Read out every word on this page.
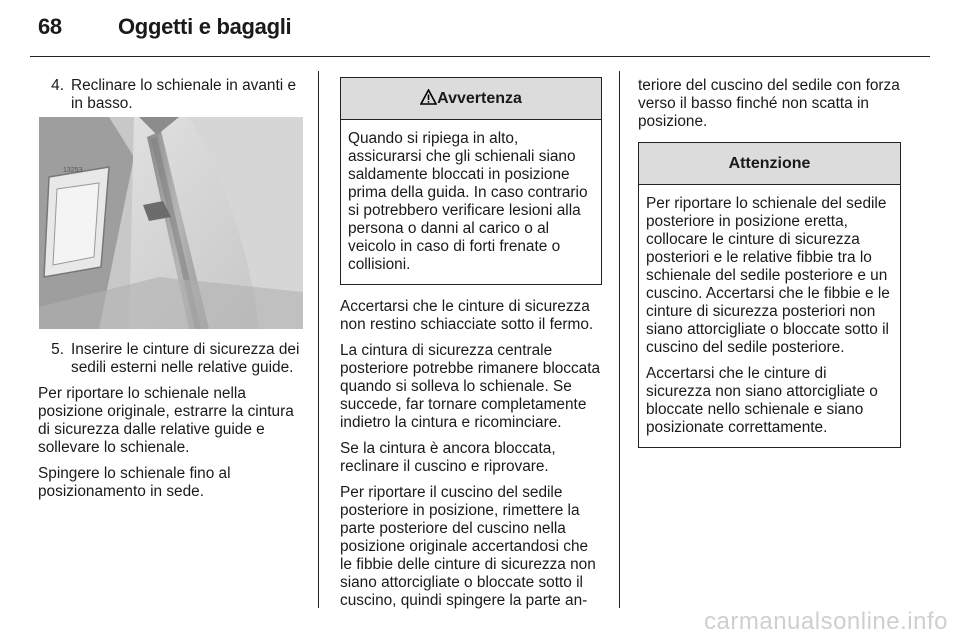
68	Oggetti e bagagli
4. Reclinare lo schienale in avanti e in basso.
13253
5. Inserire le cinture di sicurezza dei sedili esterni nelle relative guide.

Per riportare lo schienale nella posizione originale, estrarre la cintura di sicurezza dalle relative guide e sollevare lo schienale.

Spingere lo schienale fino al posizionamento in sede.

Avvertenza

Quando si ripiega in alto, assicurarsi che gli schienali siano saldamente bloccati in posizione prima della guida. In caso contrario si potrebbero verificare lesioni alla persona o danni al carico o al veicolo in caso di forti frenate o collisioni.

Accertarsi che le cinture di sicurezza non restino schiacciate sotto il fermo.

La cintura di sicurezza centrale posteriore potrebbe rimanere bloccata quando si solleva lo schienale. Se succede, far tornare completamente indietro la cintura e ricominciare.

Se la cintura è ancora bloccata, reclinare il cuscino e riprovare.

Per riportare il cuscino del sedile posteriore in posizione, rimettere la parte posteriore del cuscino nella posizione originale accertandosi che le fibbie delle cinture di sicurezza non siano attorcigliate o bloccate sotto il cuscino, quindi spingere la parte an-

teriore del cuscino del sedile con forza verso il basso finché non scatta in posizione.

Attenzione

Per riportare lo schienale del sedile posteriore in posizione eretta, collocare le cinture di sicurezza posteriori e le relative fibbie tra lo schienale del sedile posteriore e un cuscino. Accertarsi che le fibbie e le cinture di sicurezza posteriori non siano attorcigliate o bloccate sotto il cuscino del sedile posteriore.

Accertarsi che le cinture di sicurezza non siano attorcigliate o bloccate nello schienale e siano posizionate correttamente.

carmanualsonline.info
